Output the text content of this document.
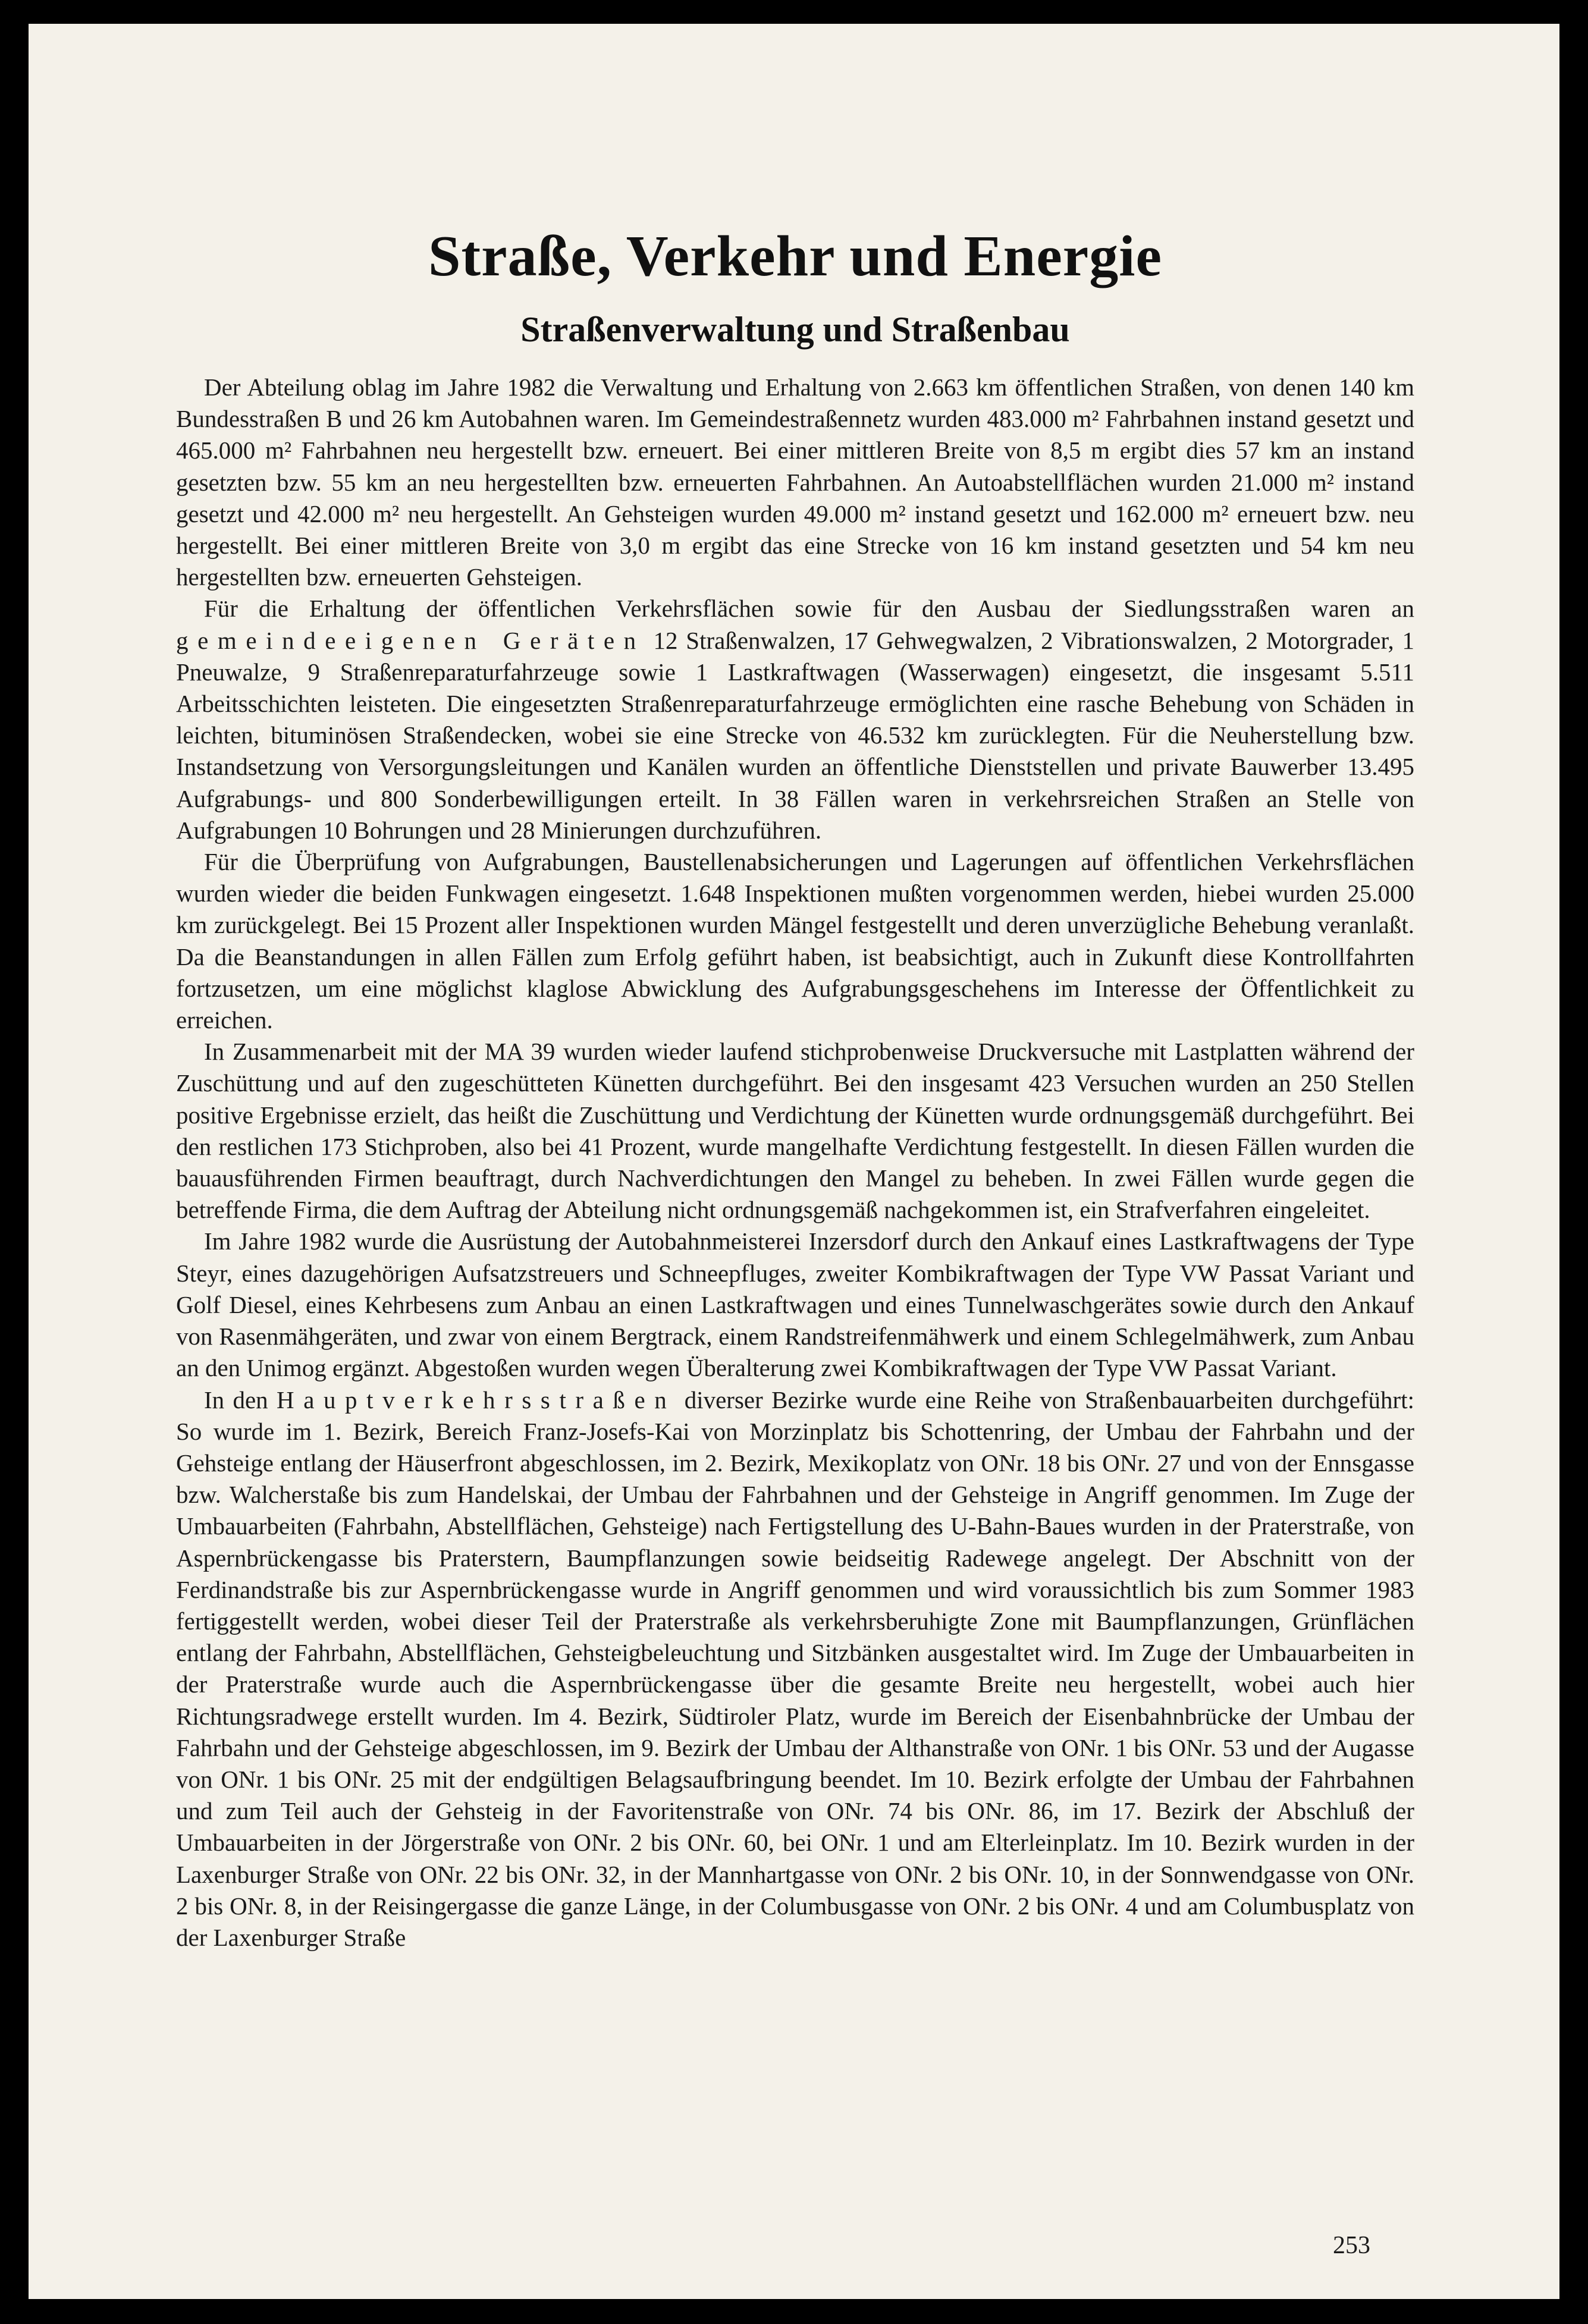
Straße, Verkehr und Energie
Straßenverwaltung und Straßenbau

Der Abteilung oblag im Jahre 1982 die Verwaltung und Erhaltung von 2.663 km öffentlichen Straßen, von denen 140 km Bundesstraßen B und 26 km Autobahnen waren. Im Gemeindestraßennetz wurden 483.000 m² Fahrbahnen instand gesetzt und 465.000 m² Fahrbahnen neu hergestellt bzw. erneuert. Bei einer mittleren Breite von 8,5 m ergibt dies 57 km an instand gesetzten bzw. 55 km an neu hergestellten bzw. erneuerten Fahrbahnen. An Autoabstellflächen wurden 21.000 m² instand gesetzt und 42.000 m² neu hergestellt. An Gehsteigen wurden 49.000 m² instand gesetzt und 162.000 m² erneuert bzw. neu hergestellt. Bei einer mittleren Breite von 3,0 m ergibt das eine Strecke von 16 km instand gesetzten und 54 km neu hergestellten bzw. erneuerten Gehsteigen.

Für die Erhaltung der öffentlichen Verkehrsflächen sowie für den Ausbau der Siedlungsstraßen waren an gemeindeeigenen Geräten 12 Straßenwalzen, 17 Gehwegwalzen, 2 Vibrationswalzen, 2 Motorgrader, 1 Pneuwalze, 9 Straßenreparaturfahrzeuge sowie 1 Lastkraftwagen (Wasserwagen) eingesetzt, die insgesamt 5.511 Arbeitsschichten leisteten. Die eingesetzten Straßenreparaturfahrzeuge ermöglichten eine rasche Behebung von Schäden in leichten, bituminösen Straßendecken, wobei sie eine Strecke von 46.532 km zurücklegten. Für die Neuherstellung bzw. Instandsetzung von Versorgungsleitungen und Kanälen wurden an öffentliche Dienststellen und private Bauwerber 13.495 Aufgrabungs- und 800 Sonderbewilligungen erteilt. In 38 Fällen waren in verkehrsreichen Straßen an Stelle von Aufgrabungen 10 Bohrungen und 28 Minierungen durchzuführen.

Für die Überprüfung von Aufgrabungen, Baustellenabsicherungen und Lagerungen auf öffentlichen Verkehrsflächen wurden wieder die beiden Funkwagen eingesetzt. 1.648 Inspektionen mußten vorgenommen werden, hiebei wurden 25.000 km zurückgelegt. Bei 15 Prozent aller Inspektionen wurden Mängel festgestellt und deren unverzügliche Behebung veranlaßt. Da die Beanstandungen in allen Fällen zum Erfolg geführt haben, ist beabsichtigt, auch in Zukunft diese Kontrollfahrten fortzusetzen, um eine möglichst klaglose Abwicklung des Aufgrabungsgeschehens im Interesse der Öffentlichkeit zu erreichen.

In Zusammenarbeit mit der MA 39 wurden wieder laufend stichprobenweise Druckversuche mit Lastplatten während der Zuschüttung und auf den zugeschütteten Künetten durchgeführt. Bei den insgesamt 423 Versuchen wurden an 250 Stellen positive Ergebnisse erzielt, das heißt die Zuschüttung und Verdichtung der Künetten wurde ordnungsgemäß durchgeführt. Bei den restlichen 173 Stichproben, also bei 41 Prozent, wurde mangelhafte Verdichtung festgestellt. In diesen Fällen wurden die bauausführenden Firmen beauftragt, durch Nachverdichtungen den Mangel zu beheben. In zwei Fällen wurde gegen die betreffende Firma, die dem Auftrag der Abteilung nicht ordnungsgemäß nachgekommen ist, ein Strafverfahren eingeleitet.

Im Jahre 1982 wurde die Ausrüstung der Autobahnmeisterei Inzersdorf durch den Ankauf eines Lastkraftwagens der Type Steyr, eines dazugehörigen Aufsatzstreuers und Schneepfluges, zweiter Kombikraftwagen der Type VW Passat Variant und Golf Diesel, eines Kehrbesens zum Anbau an einen Lastkraftwagen und eines Tunnelwaschgerätes sowie durch den Ankauf von Rasenmähgeräten, und zwar von einem Bergtrack, einem Randstreifenmähwerk und einem Schlegelmähwerk, zum Anbau an den Unimog ergänzt. Abgestoßen wurden wegen Überalterung zwei Kombikraftwagen der Type VW Passat Variant.

In den Hauptverkehrsstraßen diverser Bezirke wurde eine Reihe von Straßenbauarbeiten durchgeführt: So wurde im 1. Bezirk, Bereich Franz-Josefs-Kai von Morzinplatz bis Schottenring, der Umbau der Fahrbahn und der Gehsteige entlang der Häuserfront abgeschlossen, im 2. Bezirk, Mexikoplatz von ONr. 18 bis ONr. 27 und von der Ennsgasse bzw. Walcherstaße bis zum Handelskai, der Umbau der Fahrbahnen und der Gehsteige in Angriff genommen. Im Zuge der Umbauarbeiten (Fahrbahn, Abstellflächen, Gehsteige) nach Fertigstellung des U-Bahn-Baues wurden in der Praterstraße, von Aspernbrückengasse bis Praterstern, Baumpflanzungen sowie beidseitig Radewege angelegt. Der Abschnitt von der Ferdinandstraße bis zur Aspernbrückengasse wurde in Angriff genommen und wird voraussichtlich bis zum Sommer 1983 fertiggestellt werden, wobei dieser Teil der Praterstraße als verkehrsberuhigte Zone mit Baumpflanzungen, Grünflächen entlang der Fahrbahn, Abstellflächen, Gehsteigbeleuchtung und Sitzbänken ausgestaltet wird. Im Zuge der Umbauarbeiten in der Praterstraße wurde auch die Aspernbrückengasse über die gesamte Breite neu hergestellt, wobei auch hier Richtungsradwege erstellt wurden. Im 4. Bezirk, Südtiroler Platz, wurde im Bereich der Eisenbahnbrücke der Umbau der Fahrbahn und der Gehsteige abgeschlossen, im 9. Bezirk der Umbau der Althanstraße von ONr. 1 bis ONr. 53 und der Augasse von ONr. 1 bis ONr. 25 mit der endgültigen Belagsaufbringung beendet. Im 10. Bezirk erfolgte der Umbau der Fahrbahnen und zum Teil auch der Gehsteig in der Favoritenstraße von ONr. 74 bis ONr. 86, im 17. Bezirk der Abschluß der Umbauarbeiten in der Jörgerstraße von ONr. 2 bis ONr. 60, bei ONr. 1 und am Elterleinplatz. Im 10. Bezirk wurden in der Laxenburger Straße von ONr. 22 bis ONr. 32, in der Mannhartgasse von ONr. 2 bis ONr. 10, in der Sonnwendgasse von ONr. 2 bis ONr. 8, in der Reisingergasse die ganze Länge, in der Columbusgasse von ONr. 2 bis ONr. 4 und am Columbusplatz von der Laxenburger Straße

253
